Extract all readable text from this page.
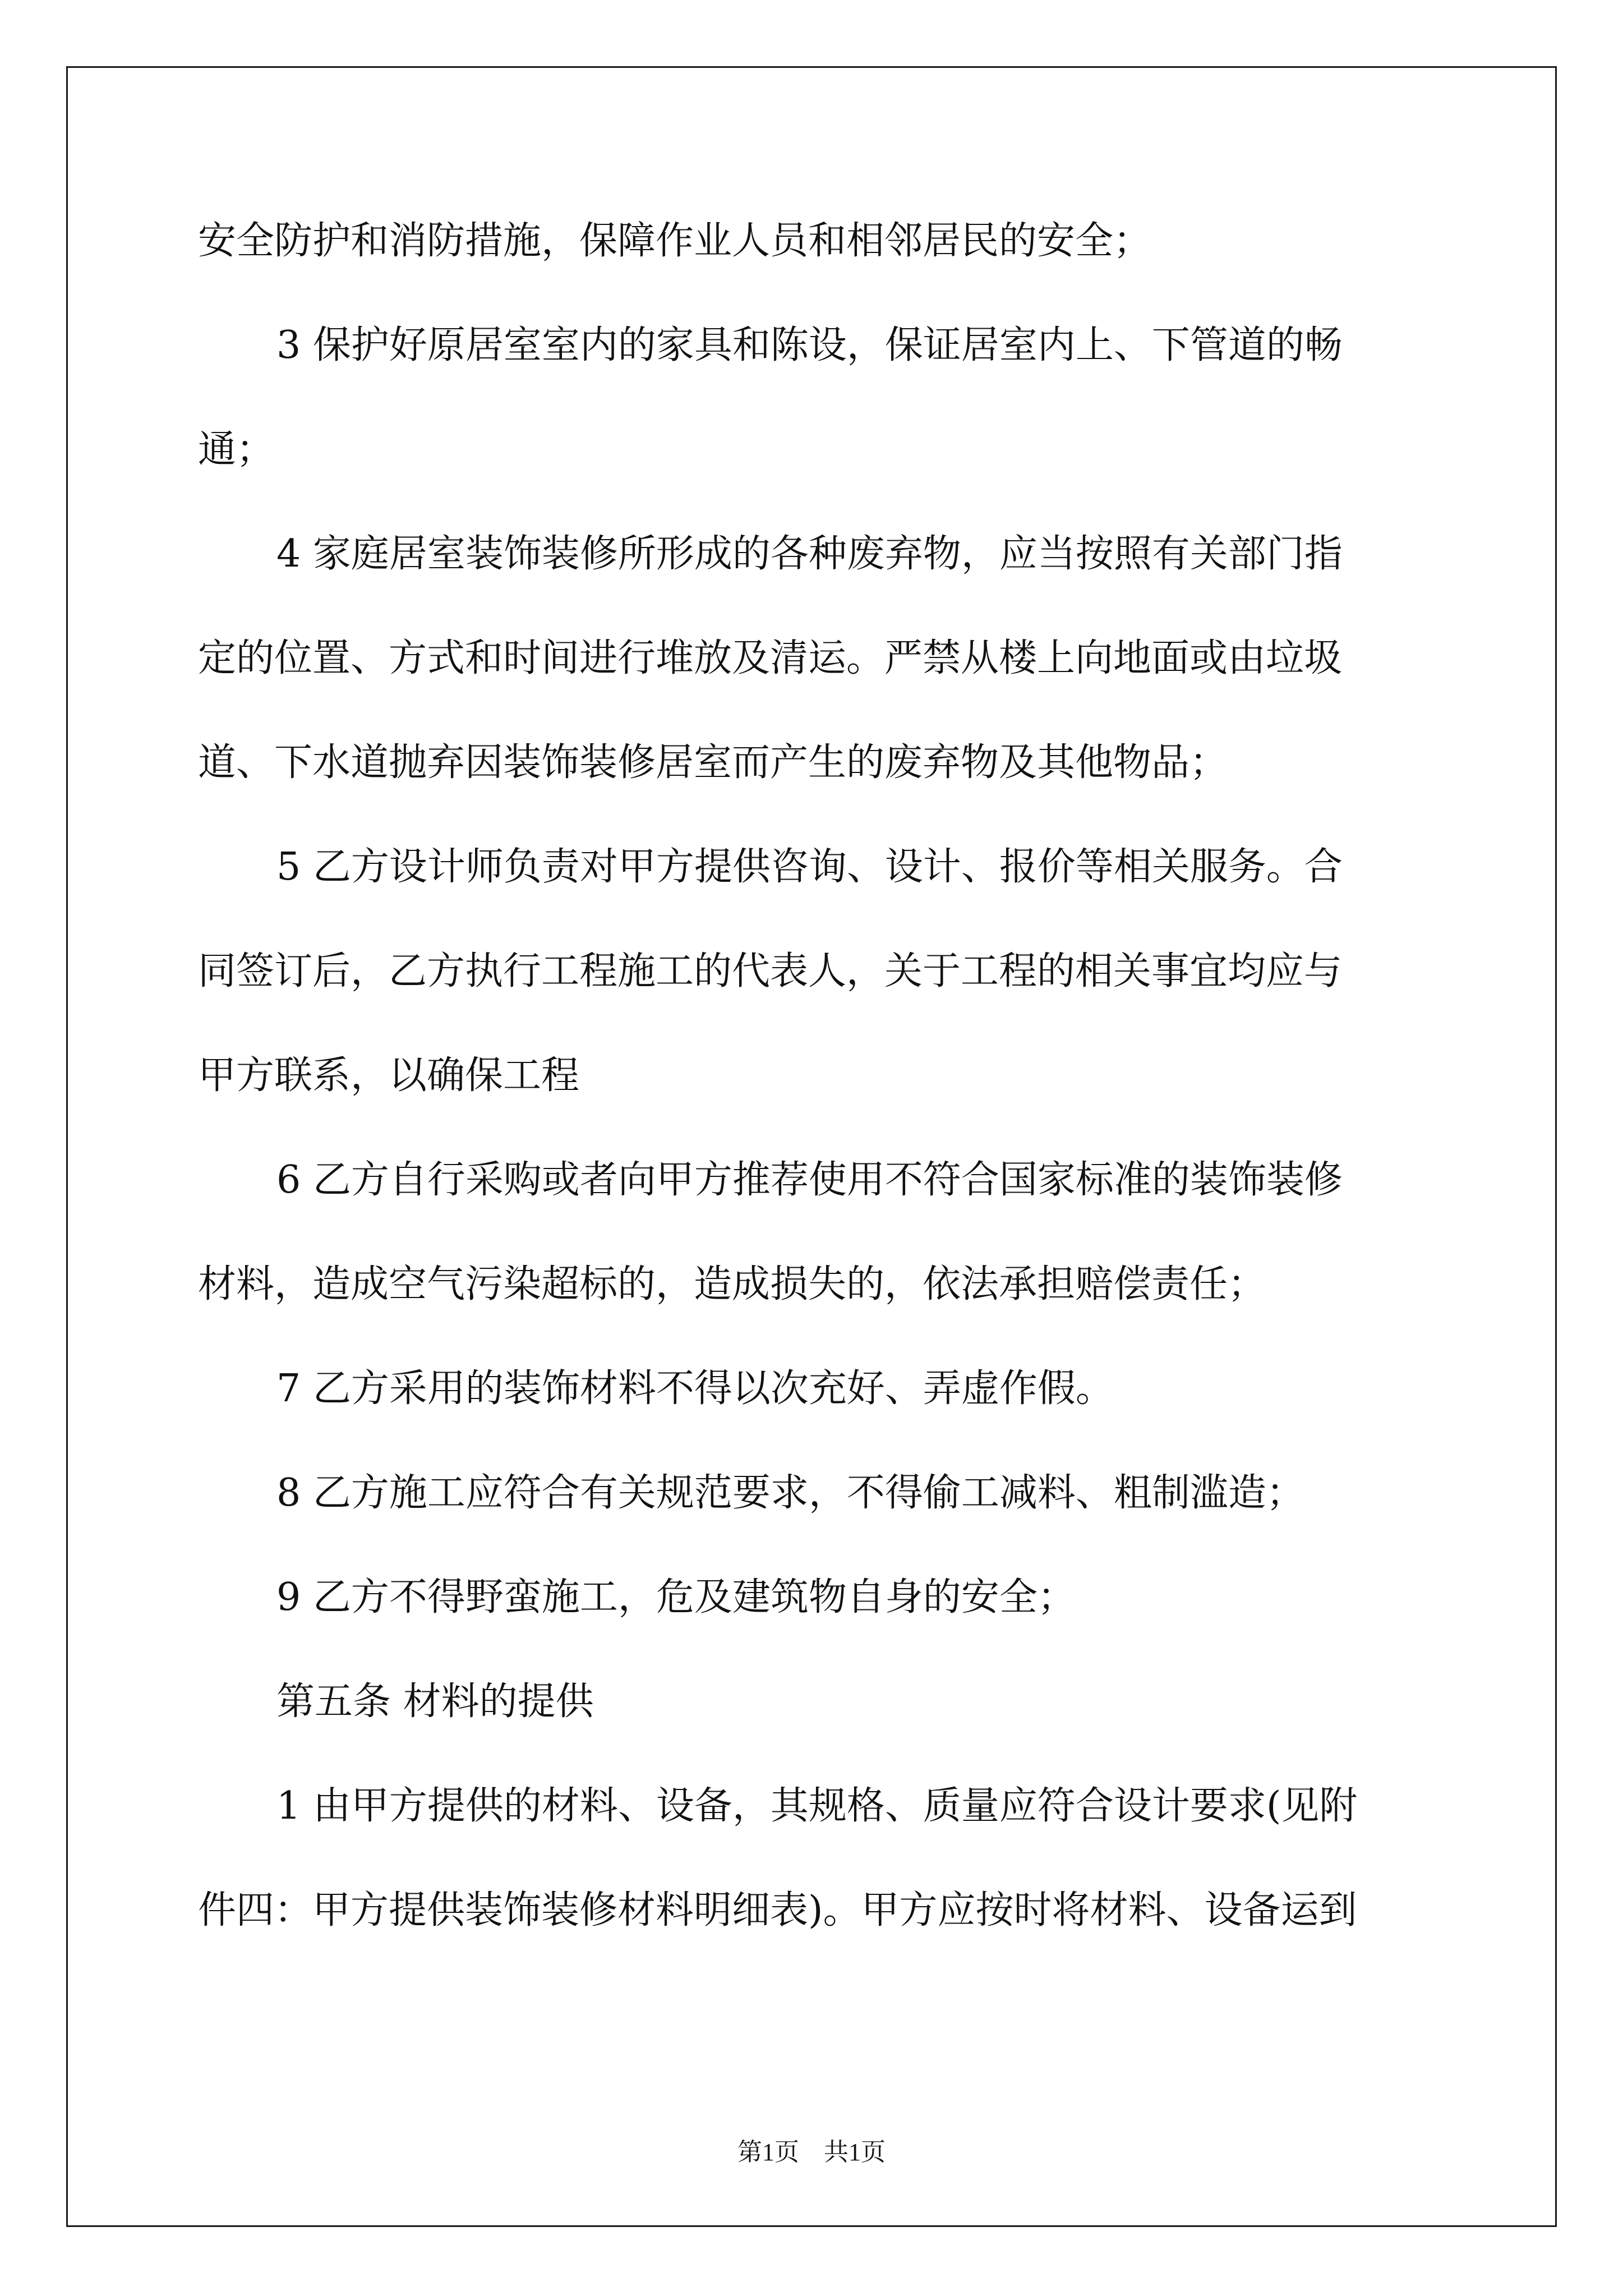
安全防护和消防措施，保障作业人员和相邻居民的安全；
3 保护好原居室室内的家具和陈设，保证居室内上、下管道的畅
通；
4 家庭居室装饰装修所形成的各种废弃物，应当按照有关部门指
定的位置、方式和时间进行堆放及清运。严禁从楼上向地面或由垃圾
道、下水道抛弃因装饰装修居室而产生的废弃物及其他物品；
5 乙方设计师负责对甲方提供咨询、设计、报价等相关服务。合
同签订后，乙方执行工程施工的代表人，关于工程的相关事宜均应与
甲方联系，以确保工程
6 乙方自行采购或者向甲方推荐使用不符合国家标准的装饰装修
材料，造成空气污染超标的，造成损失的，依法承担赔偿责任；
7 乙方采用的装饰材料不得以次充好、弄虚作假。
8 乙方施工应符合有关规范要求，不得偷工减料、粗制滥造；
9 乙方不得野蛮施工，危及建筑物自身的安全；
第五条 材料的提供
1 由甲方提供的材料、设备，其规格、质量应符合设计要求(见附
件四：甲方提供装饰装修材料明细表)。甲方应按时将材料、设备运到
第1页　共1页
